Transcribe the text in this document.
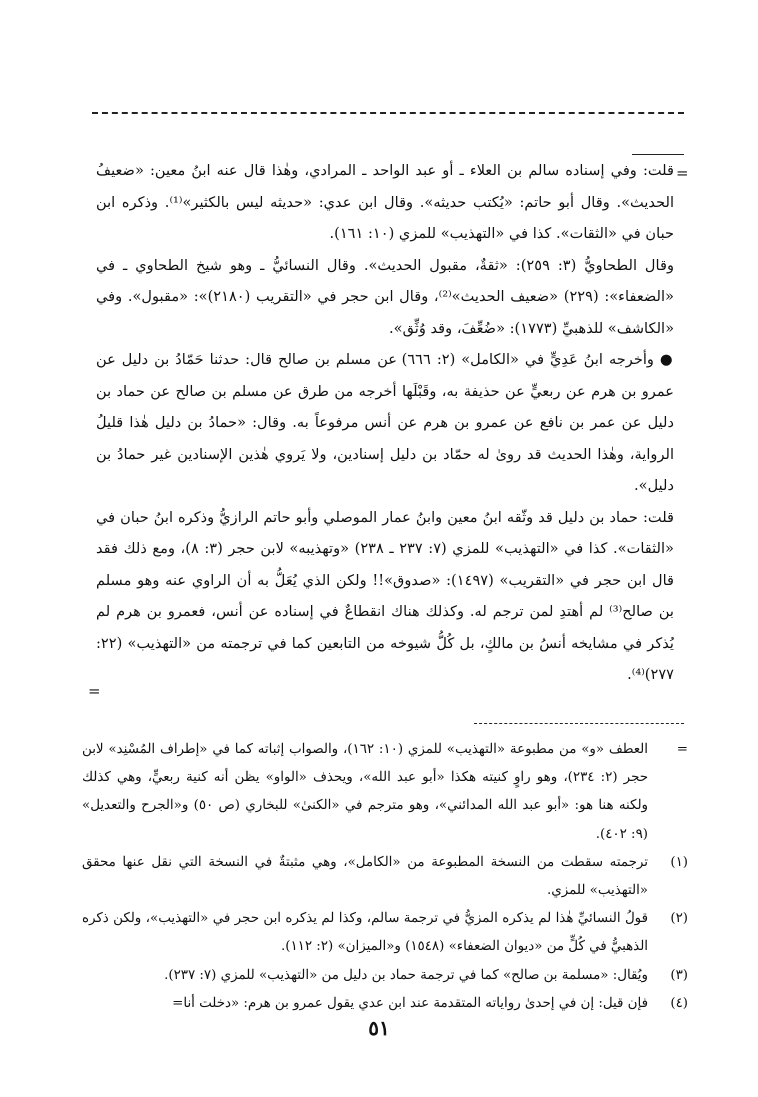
=

قلت: وفي إسناده سالم بن العلاء ـ أو عبد الواحد ـ المرادي، وهٰذا قال عنه ابنُ معين: «ضعيفُ الحديث». وقال أبو حاتم: «يُكتب حديثه». وقال ابن عدي: «حديثه ليس بالكثير»⁽¹⁾. وذكره ابن حبان في «الثقات». كذا في «التهذيب» للمزي (١٠: ١٦١).

وقال الطحاويُّ (٣: ٢٥٩): «ثقةٌ، مقبول الحديث». وقال النسائيُّ ـ وهو شيخ الطحاوي ـ في «الضعفاء»: (٢٢٩) «ضعيف الحديث»⁽²⁾، وقال ابن حجر في «التقريب (٢١٨٠)»: «مقبول». وفي «الكاشف» للذهبيِّ (١٧٧٣): «ضُعِّفَ، وقد وُثِّق».

● وأخرجه ابنُ عَدِيٍّ في «الكامل» (٢: ٦٦٦) عن مسلم بن صالح قال: حدثنا حَمّادُ بن دليل عن عمرو بن هرم عن ربعيٍّ عن حذيفة به، وقَبْلَها أخرجه من طرق عن مسلم بن صالح عن حماد بن دليل عن عمر بن نافع عن عمرو بن هرم عن أنس مرفوعاً به. وقال: «حمادُ بن دليل هٰذا قليلُ الرواية، وهٰذا الحديث قد روىٰ له حمّاد بن دليل إسنادين، ولا يَروي هٰذين الإسنادين غير حمادُ بن دليل».

قلت: حماد بن دليل قد وثّقه ابنُ معين وابنُ عمار الموصلي وأبو حاتم الرازيُّ وذكره ابنُ حبان في «الثقات». كذا في «التهذيب» للمزي (٧: ٢٣٧ ـ ٢٣٨) «وتهذيبه» لابن حجر (٣: ٨)، ومع ذلك فقد قال ابن حجر في «التقريب» (١٤٩٧): «صدوق»!! ولكن الذي يُعَلُّ به أن الراوي عنه وهو مسلم بن صالح⁽³⁾ لم أهتدِ لمن ترجم له. وكذلك هناك انقطاعٌ في إسناده عن أنس، فعمرو بن هرم لم يُذكر في مشايخه أنسُ بن مالكٍ، بل كُلُّ شيوخه من التابعين كما في ترجمته من «التهذيب» (٢٢: ٢٧٧)⁽⁴⁾.

=
=
العطف «و» من مطبوعة «التهذيب» للمزي (١٠: ١٦٢)، والصواب إثباته كما في «إطراف المُسْنِد» لابن حجر (٢: ٢٣٤)، وهو راوٍ كنيته هكذا «أبو عبد الله»، ويحذف «الواو» يظن أنه كنية ربعيٍّ، وهي كذلك ولكنه هنا هو: «أبو عبد الله المدائني»، وهو مترجم في «الكنىٰ» للبخاري (ص ٥٠) و«الجرح والتعديل» (٩: ٤٠٢).
(١)
ترجمته سقطت من النسخة المطبوعة من «الكامل»، وهي مثبتةٌ في النسخة التي نقل عنها محقق «التهذيب» للمزي.
(٢)
قولُ النسائيِّ هٰذا لم يذكره المزيُّ في ترجمة سالم، وكذا لم يذكره ابن حجر في «التهذيب»، ولكن ذكره الذهبيُّ في كُلٍّ من «ديوان الضعفاء» (١٥٤٨) و«الميزان» (٢: ١١٢).
(٣)
ويُقال: «مسلمة بن صالح» كما في ترجمة حماد بن دليل من «التهذيب» للمزي (٧: ٢٣٧).
(٤)
فإن قيل: إن في إحدىٰ رواياته المتقدمة عند ابن عدي يقول عمرو بن هرم: «دخلت أنا=
٥١
